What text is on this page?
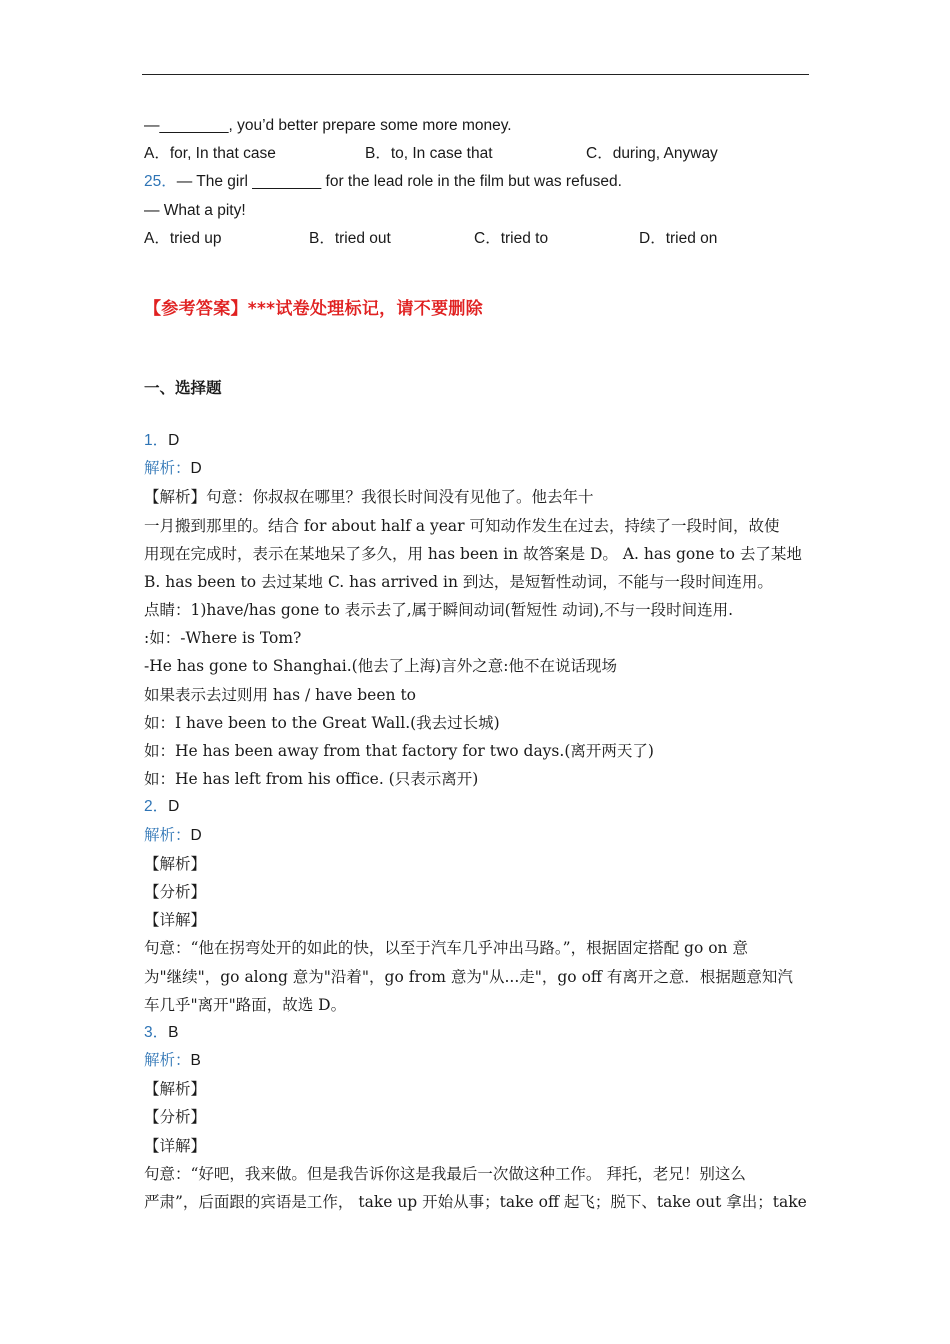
—________, you’d better prepare some more money.
A．for, In that case	B．to, In case that	C．during, Anyway
25．— The girl ________ for the lead role in the film but was refused.
— What a pity!
A．tried up	B．tried out	C．tried to	D．tried on
【参考答案】***试卷处理标记，请不要删除
一、选择题
1．D
解析：D
【解析】句意：你叔叔在哪里？我很长时间没有见他了。他去年十
一月搬到那里的。结合 for about half a year 可知动作发生在过去，持续了一段时间，故使
用现在完成时，表示在某地呆了多久，用 has been in 故答案是 D。 A. has gone to 去了某地
B. has been to 去过某地 C. has arrived in 到达，是短暂性动词，不能与一段时间连用。
点睛：1)have/has gone to 表示去了,属于瞬间动词(暂短性 动词),不与一段时间连用.
:如：-Where is Tom?
-He has gone to Shanghai.(他去了上海)言外之意:他不在说话现场
如果表示去过则用 has / have been to
如：I have been to the Great Wall.(我去过长城)
如：He has been away from that factory for two days.(离开两天了)
如：He has left from his office. (只表示离开)
2．D
解析：D
【解析】
【分析】
【详解】
句意：“他在拐弯处开的如此的快，以至于汽车几乎冲出马路。”，根据固定搭配 go on 意
为"继续"，go along 意为"沿着"，go from 意为"从...走"，go off 有离开之意．根据题意知汽
车几乎"离开"路面，故选 D。
3．B
解析：B
【解析】
【分析】
【详解】
句意：“好吧，我来做。但是我告诉你这是我最后一次做这种工作。 拜托，老兄！别这么
严肃”，后面跟的宾语是工作， take up 开始从事；take off 起飞；脱下、take out 拿出；take
